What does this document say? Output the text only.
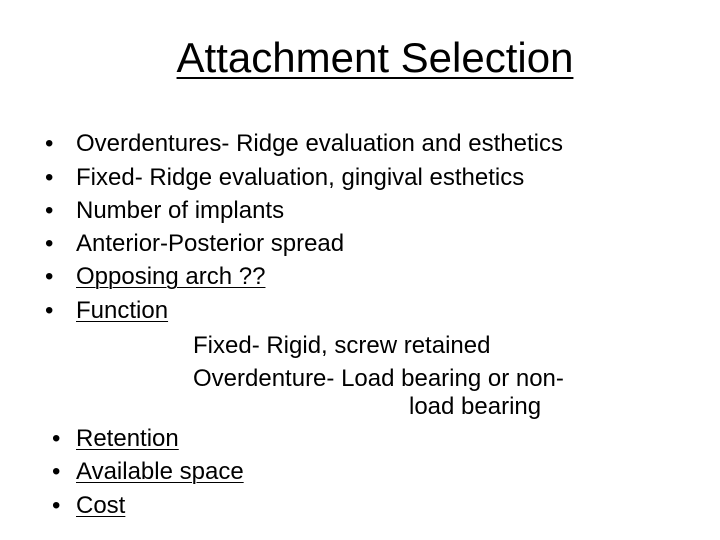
Attachment Selection
• Overdentures- Ridge evaluation and esthetics
• Fixed- Ridge evaluation, gingival esthetics
• Number of implants
• Anterior-Posterior spread
• Opposing arch ??
• Function
Fixed- Rigid, screw retained
Overdenture- Load bearing or non-
load bearing
• Retention
• Available space
• Cost
